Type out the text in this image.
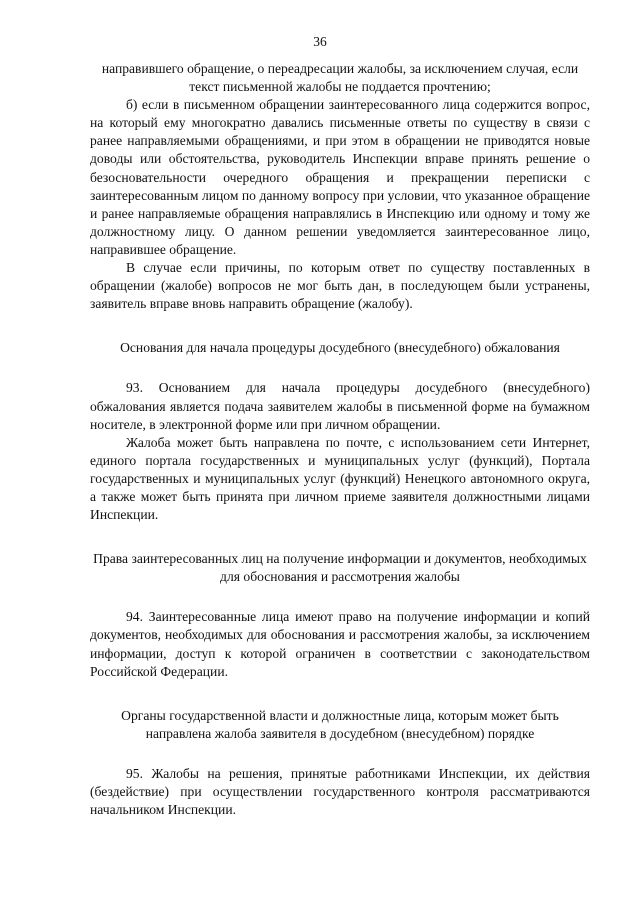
36

направившего обращение, о переадресации жалобы, за исключением случая, если текст письменной жалобы не поддается прочтению;

б) если в письменном обращении заинтересованного лица содержится вопрос, на который ему многократно давались письменные ответы по существу в связи с ранее направляемыми обращениями, и при этом в обращении не приводятся новые доводы или обстоятельства, руководитель Инспекции вправе принять решение о безосновательности очередного обращения и прекращении переписки с заинтересованным лицом по данному вопросу при условии, что указанное обращение и ранее направляемые обращения направлялись в Инспекцию или одному и тому же должностному лицу. О данном решении уведомляется заинтересованное лицо, направившее обращение.

В случае если причины, по которым ответ по существу поставленных в обращении (жалобе) вопросов не мог быть дан, в последующем были устранены, заявитель вправе вновь направить обращение (жалобу).

Основания для начала процедуры досудебного (внесудебного) обжалования

93. Основанием для начала процедуры досудебного (внесудебного) обжалования является подача заявителем жалобы в письменной форме на бумажном носителе, в электронной форме или при личном обращении.

Жалоба может быть направлена по почте, с использованием сети Интернет, единого портала государственных и муниципальных услуг (функций), Портала государственных и муниципальных услуг (функций) Ненецкого автономного округа, а также может быть принята при личном приеме заявителя должностными лицами Инспекции.

Права заинтересованных лиц на получение информации и документов, необходимых для обоснования и рассмотрения жалобы

94. Заинтересованные лица имеют право на получение информации и копий документов, необходимых для обоснования и рассмотрения жалобы, за исключением информации, доступ к которой ограничен в соответствии с законодательством Российской Федерации.

Органы государственной власти и должностные лица, которым может быть направлена жалоба заявителя в досудебном (внесудебном) порядке

95. Жалобы на решения, принятые работниками Инспекции, их действия (бездействие) при осуществлении государственного контроля рассматриваются начальником Инспекции.
